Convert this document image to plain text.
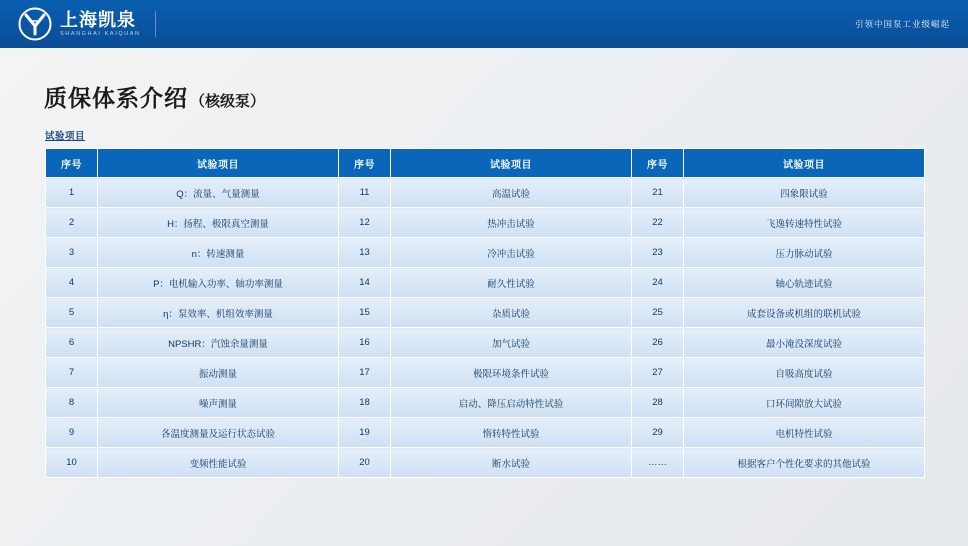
上海凯泉
SHANGHAI KAIQUAN
引领中国泵工业级崛起
质保体系介绍 （核级泵）
试验项目
序号	试验项目	序号	试验项目	序号	试验项目
1	Q：流量、气量测量	11	高温试验	21	四象限试验
2	H：扬程、极限真空测量	12	热冲击试验	22	飞逸转速特性试验
3	n：转速测量	13	冷冲击试验	23	压力脉动试验
4	P：电机输入功率、轴功率测量	14	耐久性试验	24	轴心轨迹试验
5	η：泵效率、机组效率测量	15	杂质试验	25	成套设备或机组的联机试验
6	NPSHR：汽蚀余量测量	16	加气试验	26	最小淹没深度试验
7	振动测量	17	极限环境条件试验	27	自吸高度试验
8	噪声测量	18	启动、降压启动特性试验	28	口环间隙放大试验
9	各温度测量及运行状态试验	19	惰转特性试验	29	电机特性试验
10	变频性能试验	20	断水试验	……	根据客户个性化要求的其他试验
